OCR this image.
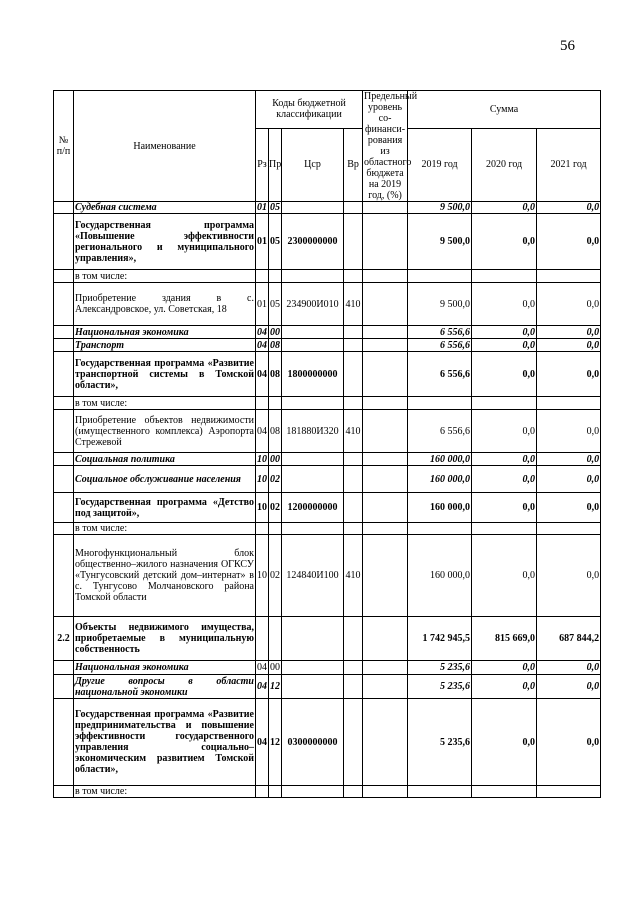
56
№
п/п	Наименование	Коды бюджетной классификации				Предельный уровень со-финанси-рования из областного бюджета на 2019 год, (%)	Сумма		
		Рз	Пр	Цср	Вр		2019 год	2020 год	2021 год
	Судебная система	01	05				9 500,0	0,0	0,0
	Государственная программа «Повышение эффективности регионального и муниципального управления»,	01	05	2300000000			9 500,0	0,0	0,0
	в том числе:								
	Приобретение здания в с. Александровское, ул. Советская, 18	01	05	234900И010	410		9 500,0	0,0	0,0
	Национальная экономика	04	00				6 556,6	0,0	0,0
	Транспорт	04	08				6 556,6	0,0	0,0
	Государственная программа «Развитие транспортной системы в Томской области»,	04	08	1800000000			6 556,6	0,0	0,0
	в том числе:								
	Приобретение объектов недвижимости (имущественного комплекса) Аэропорта Стрежевой	04	08	181880И320	410		6 556,6	0,0	0,0
	Социальная политика	10	00				160 000,0	0,0	0,0
	Социальное обслуживание населения	10	02				160 000,0	0,0	0,0
	Государственная программа «Детство под защитой»,	10	02	1200000000			160 000,0	0,0	0,0
	в том числе:								
	Многофункциональный блок общественно–жилого назначения ОГКСУ «Тунгусовский детский дом–интернат» в с. Тунгусово Молчановского района Томской области	10	02	124840И100	410		160 000,0	0,0	0,0
2.2	Объекты недвижимого имущества, приобретаемые в муниципальную собственность						1 742 945,5	815 669,0	687 844,2
	Национальная экономика	04	00				5 235,6	0,0	0,0
	Другие вопросы в области национальной экономики	04	12				5 235,6	0,0	0,0
	Государственная программа «Развитие предпринимательства и повышение эффективности государственного управления социально–экономическим развитием Томской области»,	04	12	0300000000			5 235,6	0,0	0,0
	в том числе:								
